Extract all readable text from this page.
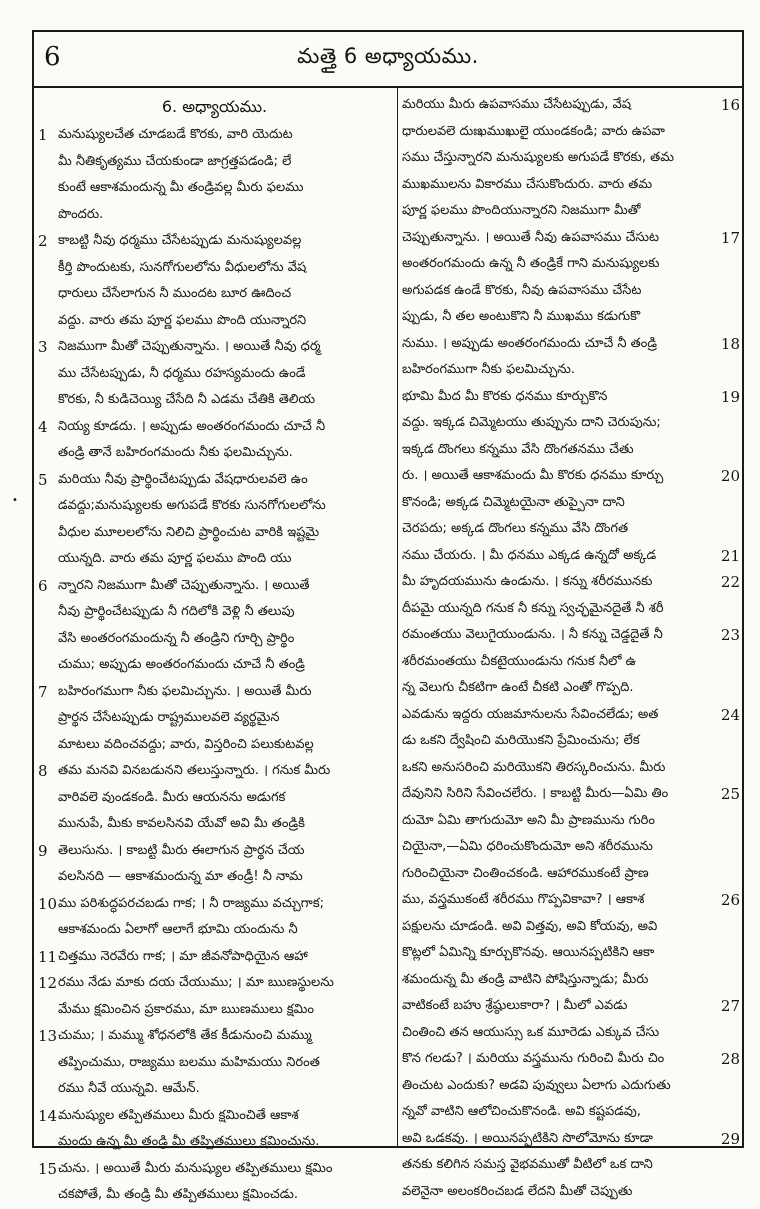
6	మత్తై 6 అధ్యాయము.
6. అధ్యాయము.
1 మనుష్యులచేత చూడబడే కొరకు, వారి యెదుట
మీ నీతికృత్యము చేయకుండా జాగ్రత్తపడండి; లే
కుంటే ఆకాశమందున్న మీ తండ్రివల్ల మీరు ఫలము
పొందరు.
2 కాబట్టి నీవు ధర్మము చేసేటప్పుడు మనుష్యులవల్ల
కీర్తి పొందుటకు, సునగోగులలోను వీధులలోను వేష
ధారులు చేసేలాగున నీ ముందట బూర ఊదించ
వద్దు. వారు తమ పూర్ణ ఫలము పొంది యున్నారని
3 నిజముగా మీతో చెప్పుతున్నాను. । అయితే నీవు ధర్మ
ము చేసేటప్పుడు, నీ ధర్మము రహస్యమందు ఉండే
కొరకు, నీ కుడిచెయ్యి చేసేది నీ ఎడమ చేతికి తెలియ
4 నియ్య కూడదు. । అప్పుడు అంతరంగమందు చూచే నీ
తండ్రి తానే బహిరంగమందు నీకు ఫలమిచ్చును.
5 మరియు నీవు ప్రార్థించేటప్పుడు వేషధారులవలె ఉం
డవద్దు;మనుష్యులకు అగుపడే కొరకు సునగోగులలోను
వీధుల మూలలలోను నిలిచి ప్రార్థించుట వారికి ఇష్టమై
యున్నది. వారు తమ పూర్ణ ఫలము పొంది యు
6 న్నారని నిజముగా మీతో చెప్పుతున్నాను. । అయితే
నీవు ప్రార్థించేటప్పుడు నీ గదిలోకి వెళ్లి నీ తలుపు
వేసి అంతరంగమందున్న నీ తండ్రిని గూర్చి ప్రార్థిం
చుము; అప్పుడు అంతరంగమందు చూచే నీ తండ్రి
7 బహిరంగముగా నీకు ఫలమిచ్చును. । అయితే మీరు
ప్రార్థన చేసేటప్పుడు రాష్ట్రములవలె వ్యర్థమైన
మాటలు వదించవద్దు; వారు, విస్తరించి పలుకుటవల్ల
8 తమ మనవి వినబడునని తలుస్తున్నారు. । గనుక మీరు
వారివలె వుండకండి. మీరు ఆయనను అడుగక
మునుపే, మీకు కావలసినవి యేవో అవి మీ తండ్రికి
9 తెలుసును. । కాబట్టి మీరు ఈలాగున ప్రార్థన చేయ
వలసినది — ఆకాశమందున్న మా తండ్రీ! నీ నామ
10 ము పరిశుద్ధపరచబడు గాక; । నీ రాజ్యము వచ్చుగాక;
ఆకాశమందు ఏలాగో ఆలాగే భూమి యందును నీ
11 చిత్తము నెరవేరు గాక; । మా జీవనోపాధియైన ఆహా
12 రము నేడు మాకు దయ చేయుము; । మా ఋణస్థులను
మేము క్షమించిన ప్రకారము, మా ఋణములు క్షమిం
13 చుము; । మమ్ము శోధనలోకి తేక కీడునుంచి మమ్ము
తప్పించుము, రాజ్యము బలము మహిమయు నిరంత
రము నీవే యున్నవి. ఆమేన్.
14 మనుష్యుల తప్పితములు మీరు క్షమించితే ఆకాశ
మందు ఉన్న మీ తండ్రి మీ తప్పితములు క్షమించును.
15 చును. । అయితే మీరు మనుష్యుల తప్పితములు క్షమిం
చకపోతే, మీ తండ్రి మీ తప్పితములు క్షమించడు.
16
మరియు మీరు ఉపవాసము చేసేటప్పుడు, వేష
ధారులవలె దుఃఖముఖులై యుండకండి; వారు ఉపవా
సము చేస్తున్నారని మనుష్యులకు అగుపడే కొరకు, తమ
ముఖములను వికారము చేసుకొందురు. వారు తమ
పూర్ణ ఫలము పొందియున్నారని నిజముగా మీతో
17
చెప్పుతున్నాను. । అయితే నీవు ఉపవాసము చేసుట
అంతరంగమందు ఉన్న నీ తండ్రికే గాని మనుష్యులకు
అగుపడక ఉండే కొరకు, నీవు ఉపవాసము చేసేట
ప్పుడు, నీ తల అంటుకొని నీ ముఖము కడుగుకొ
18
నుము. । అప్పుడు అంతరంగమందు చూచే నీ తండ్రి
బహిరంగముగా నీకు ఫలమిచ్చును.
19
భూమి మీద మీ కొరకు ధనము కూర్చుకొన
వద్దు. ఇక్కడ చిమ్మెటయు తుప్పును దాని చెరుపును;
ఇక్కడ దొంగలు కన్నము వేసి దొంగతనము చేతు
20
రు. । అయితే ఆకాశమందు మీ కొరకు ధనము కూర్చు
కొనండి; అక్కడ చిమ్మెటయైనా తుప్పైనా దాని
చెరపదు; అక్కడ దొంగలు కన్నము వేసి దొంగత
21
నము చేయరు. । మీ ధనము ఎక్కడ ఉన్నదో అక్కడ
22
మీ హృదయమును ఉండును. । కన్ను శరీరమునకు
దీపమై యున్నది గనుక నీ కన్ను స్వచ్ఛమైనదైతే నీ శరీ
23
రమంతయు వెలుగైయుండును. । నీ కన్ను చెడ్డదైతే నీ
శరీరమంతయు చీకటైయుండును గనుక నీలో ఉ
న్న వెలుగు చీకటిగా ఉంటే చీకటి ఎంతో గొప్పది.
24
ఎవడును ఇద్దరు యజమానులను సేవించలేడు; అత
డు ఒకని ద్వేషించి మరియొకని ప్రేమించును; లేక
ఒకని అనుసరించి మరియొకని తిరస్కరించును. మీరు
25
దేవునిని సిరిని సేవించలేరు. । కాబట్టి మీరు—ఏమి తిం
దుమో ఏమి తాగుదుమో అని మీ ప్రాణమును గురిం
చియైనా,—ఏమి ధరించుకొందుమో అని శరీరమును
గురించియైనా చింతించకండి. ఆహారముకంటే ప్రాణ
26
ము, వస్త్రముకంటే శరీరము గొప్పవికావా? । ఆకాశ
పక్షులను చూడండి. అవి విత్తవు, అవి కోయవు, అవి
కొట్లలో ఏమిన్ని కూర్చుకొనవు. ఆయినప్పటికిని ఆకా
శమందున్న మీ తండ్రి వాటిని పోషిస్తున్నాడు; మీరు
27
వాటికంటే బహు శ్రేష్ఠులుకారా? । మీలో ఎవడు
చింతించి తన ఆయుస్సు ఒక మూరెడు ఎక్కువ చేసు
28
కొన గలడు? । మరియు వస్త్రమును గురించి మీరు చిం
తించుట ఎందుకు? అడవి పువ్వులు ఏలాగు ఎదుగుతు
న్నవో వాటిని ఆలోచించుకొనండి. అవి కష్టపడవు,
29
అవి ఒడకవు. । అయినప్పటికిని సొలోమోను కూడా
తనకు కలిగిన సమస్త వైభవముతో వీటిలో ఒక దాని
వలెనైనా అలంకరించబడ లేదని మీతో చెప్పుతు
•
